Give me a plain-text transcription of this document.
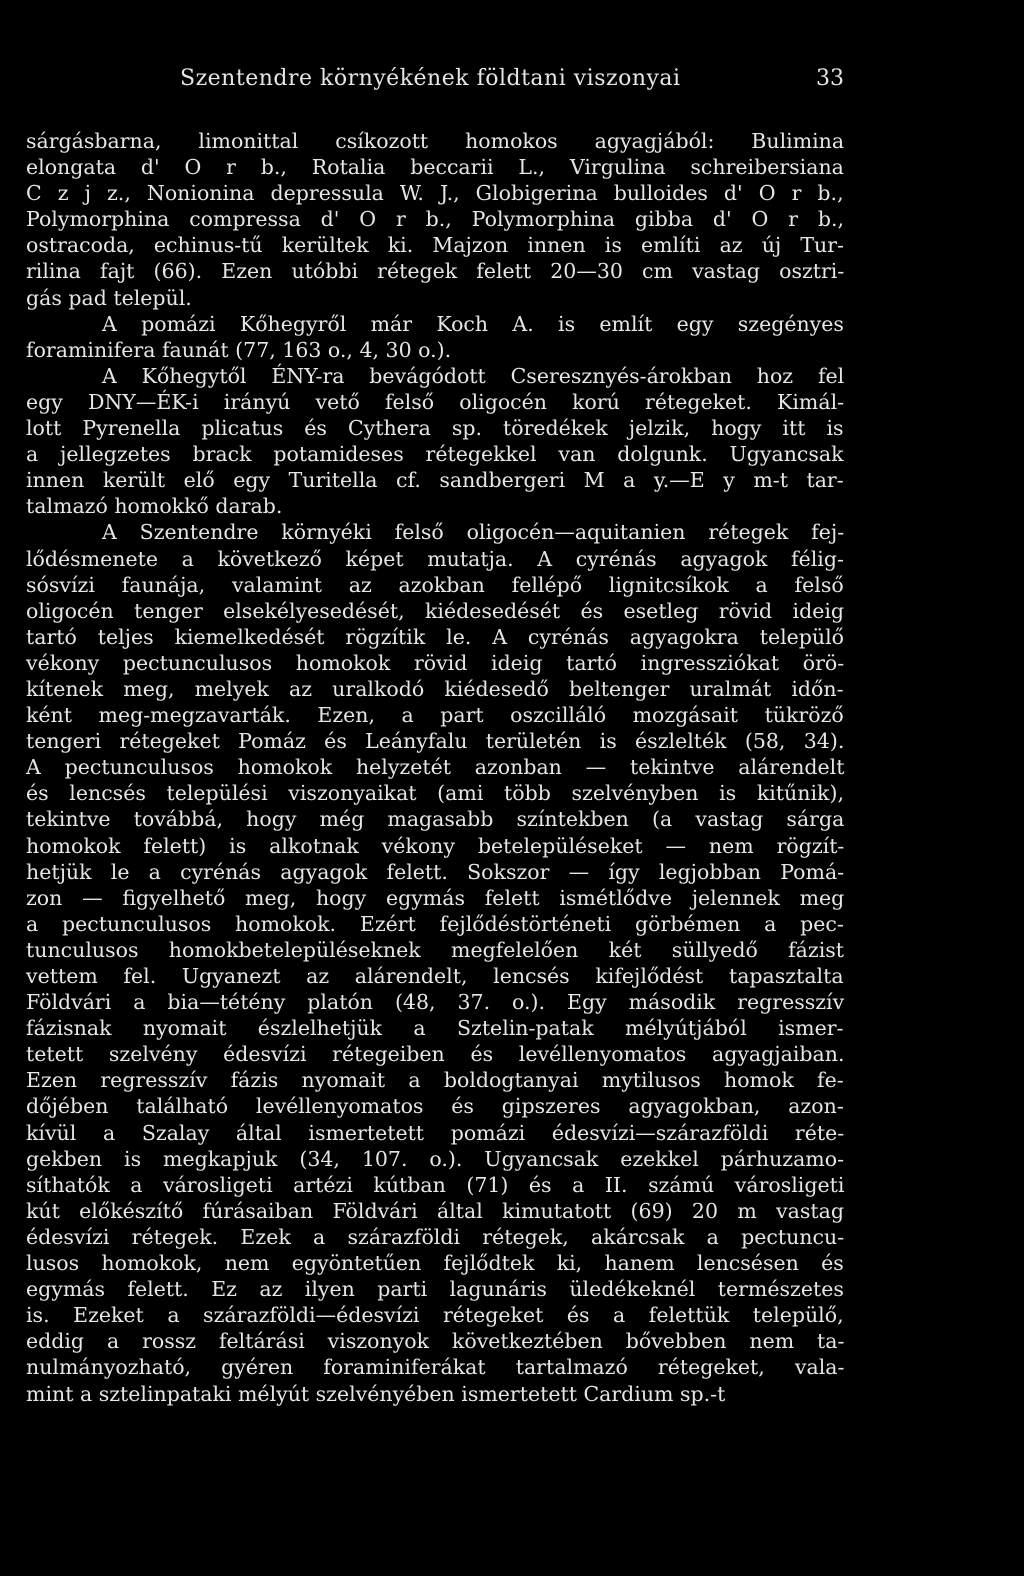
Szentendre környékének földtani viszonyai	33
sárgásbarna, limonittal csíkozott homokos agyagjából: Bulimina
elongata d' O r b., Rotalia beccarii L., Virgulina schreibersiana
C z j z., Nonionina depressula W. J., Globigerina bulloides d' O r b.,
Polymorphina compressa d' O r b., Polymorphina gibba d' O r b.,
ostracoda, echinus-tű kerültek ki. Majzon innen is említi az új Tur-
rilina fajt (66). Ezen utóbbi rétegek felett 20—30 cm vastag osztri-
gás pad települ.
A pomázi Kőhegyről már Koch A. is említ egy szegényes
foraminifera faunát (77, 163 o., 4, 30 o.).
A Kőhegytől ÉNY-ra bevágódott Cseresznyés-árokban hoz fel
egy DNY—ÉK-i irányú vető felső oligocén korú rétegeket. Kimál-
lott Pyrenella plicatus és Cythera sp. töredékek jelzik, hogy itt is
a jellegzetes brack potamideses rétegekkel van dolgunk. Ugyancsak
innen került elő egy Turitella cf. sandbergeri M a y.—E y m-t tar-
talmazó homokkő darab.
A Szentendre környéki felső oligocén—aquitanien rétegek fej-
lődésmenete a következő képet mutatja. A cyrénás agyagok félig-
sósvízi faunája, valamint az azokban fellépő lignitcsíkok a felső
oligocén tenger elsekélyesedését, kiédesedését és esetleg rövid ideig
tartó teljes kiemelkedését rögzítik le. A cyrénás agyagokra települő
vékony pectunculusos homokok rövid ideig tartó ingressziókat örö-
kítenek meg, melyek az uralkodó kiédesedő beltenger uralmát időn-
ként meg-megzavarták. Ezen, a part oszcilláló mozgásait tükröző
tengeri rétegeket Pomáz és Leányfalu területén is észlelték (58, 34).
A pectunculusos homokok helyzetét azonban — tekintve alárendelt
és lencsés települési viszonyaikat (ami több szelvényben is kitűnik),
tekintve továbbá, hogy még magasabb színtekben (a vastag sárga
homokok felett) is alkotnak vékony betelepüléseket — nem rögzít-
hetjük le a cyrénás agyagok felett. Sokszor — így legjobban Pomá-
zon — figyelhető meg, hogy egymás felett ismétlődve jelennek meg
a pectunculusos homokok. Ezért fejlődéstörténeti görbémen a pec-
tunculusos homokbetelepüléseknek megfelelően két süllyedő fázist
vettem fel. Ugyanezt az alárendelt, lencsés kifejlődést tapasztalta
Földvári a bia—tétény platón (48, 37. o.). Egy második regresszív
fázisnak nyomait észlelhetjük a Sztelin-patak mélyútjából ismer-
tetett szelvény édesvízi rétegeiben és levéllenyomatos agyagjaiban.
Ezen regresszív fázis nyomait a boldogtanyai mytilusos homok fe-
dőjében található levéllenyomatos és gipszeres agyagokban, azon-
kívül a Szalay által ismertetett pomázi édesvízi—szárazföldi réte-
gekben is megkapjuk (34, 107. o.). Ugyancsak ezekkel párhuzamo-
síthatók a városligeti artézi kútban (71) és a II. számú városligeti
kút előkészítő fúrásaiban Földvári által kimutatott (69) 20 m vastag
édesvízi rétegek. Ezek a szárazföldi rétegek, akárcsak a pectuncu-
lusos homokok, nem egyöntetűen fejlődtek ki, hanem lencsésen és
egymás felett. Ez az ilyen parti lagunáris üledékeknél természetes
is. Ezeket a szárazföldi—édesvízi rétegeket és a felettük települő,
eddig a rossz feltárási viszonyok következtében bővebben nem ta-
nulmányozható, gyéren foraminiferákat tartalmazó rétegeket, vala-
mint a sztelinpataki mélyút szelvényében ismertetett Cardium sp.-t
